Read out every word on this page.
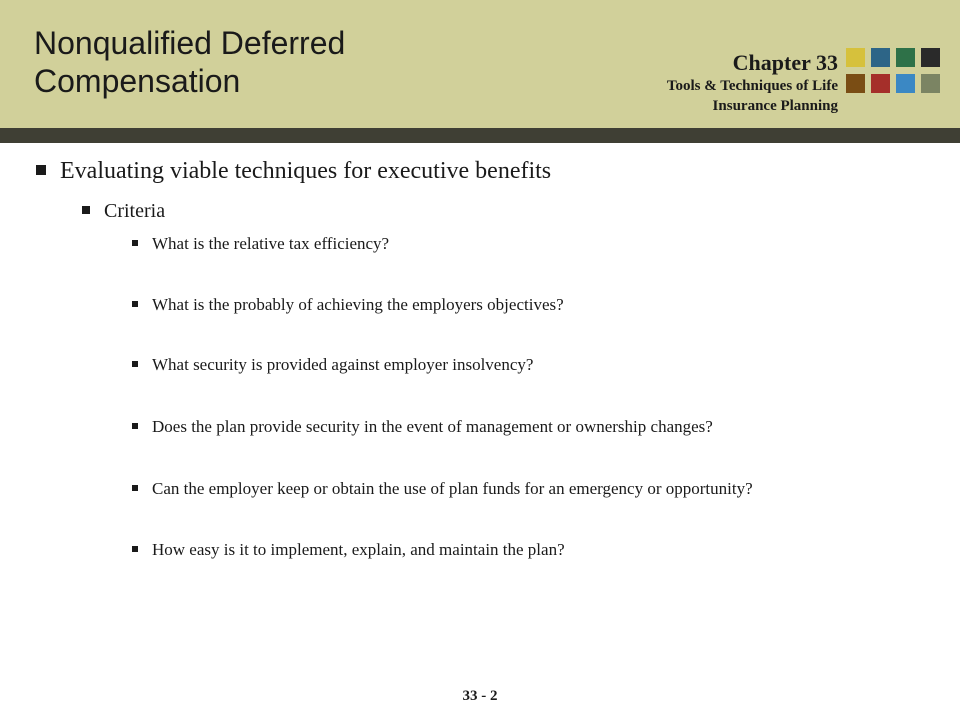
Nonqualified Deferred Compensation
Chapter 33
Tools & Techniques of Life
Insurance Planning
Evaluating viable techniques for executive benefits
Criteria
What is the relative tax efficiency?
What is the probably of achieving the employers objectives?
What security is provided against employer insolvency?
Does the plan provide security in the event of management or ownership changes?
Can the employer keep or obtain the use of plan funds for an emergency or opportunity?
How easy is it to implement, explain, and maintain the plan?
33 - 2
